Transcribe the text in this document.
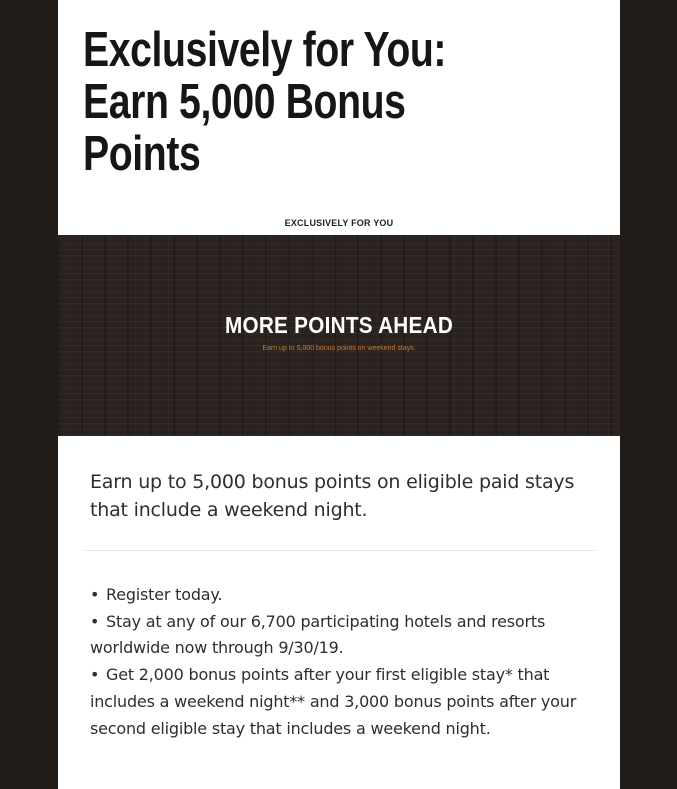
Exclusively for You:
Earn 5,000 Bonus
Points
EXCLUSIVELY FOR YOU
MORE POINTS AHEAD
Earn up to 5,000 bonus points on weekend stays.

Earn up to 5,000 bonus points on eligible paid stays that include a weekend night.

• Register today.

• Stay at any of our 6,700 participating hotels and resorts worldwide now through 9/30/19.

• Get 2,000 bonus points after your first eligible stay* that includes a weekend night** and 3,000 bonus points after your second eligible stay that includes a weekend night.
